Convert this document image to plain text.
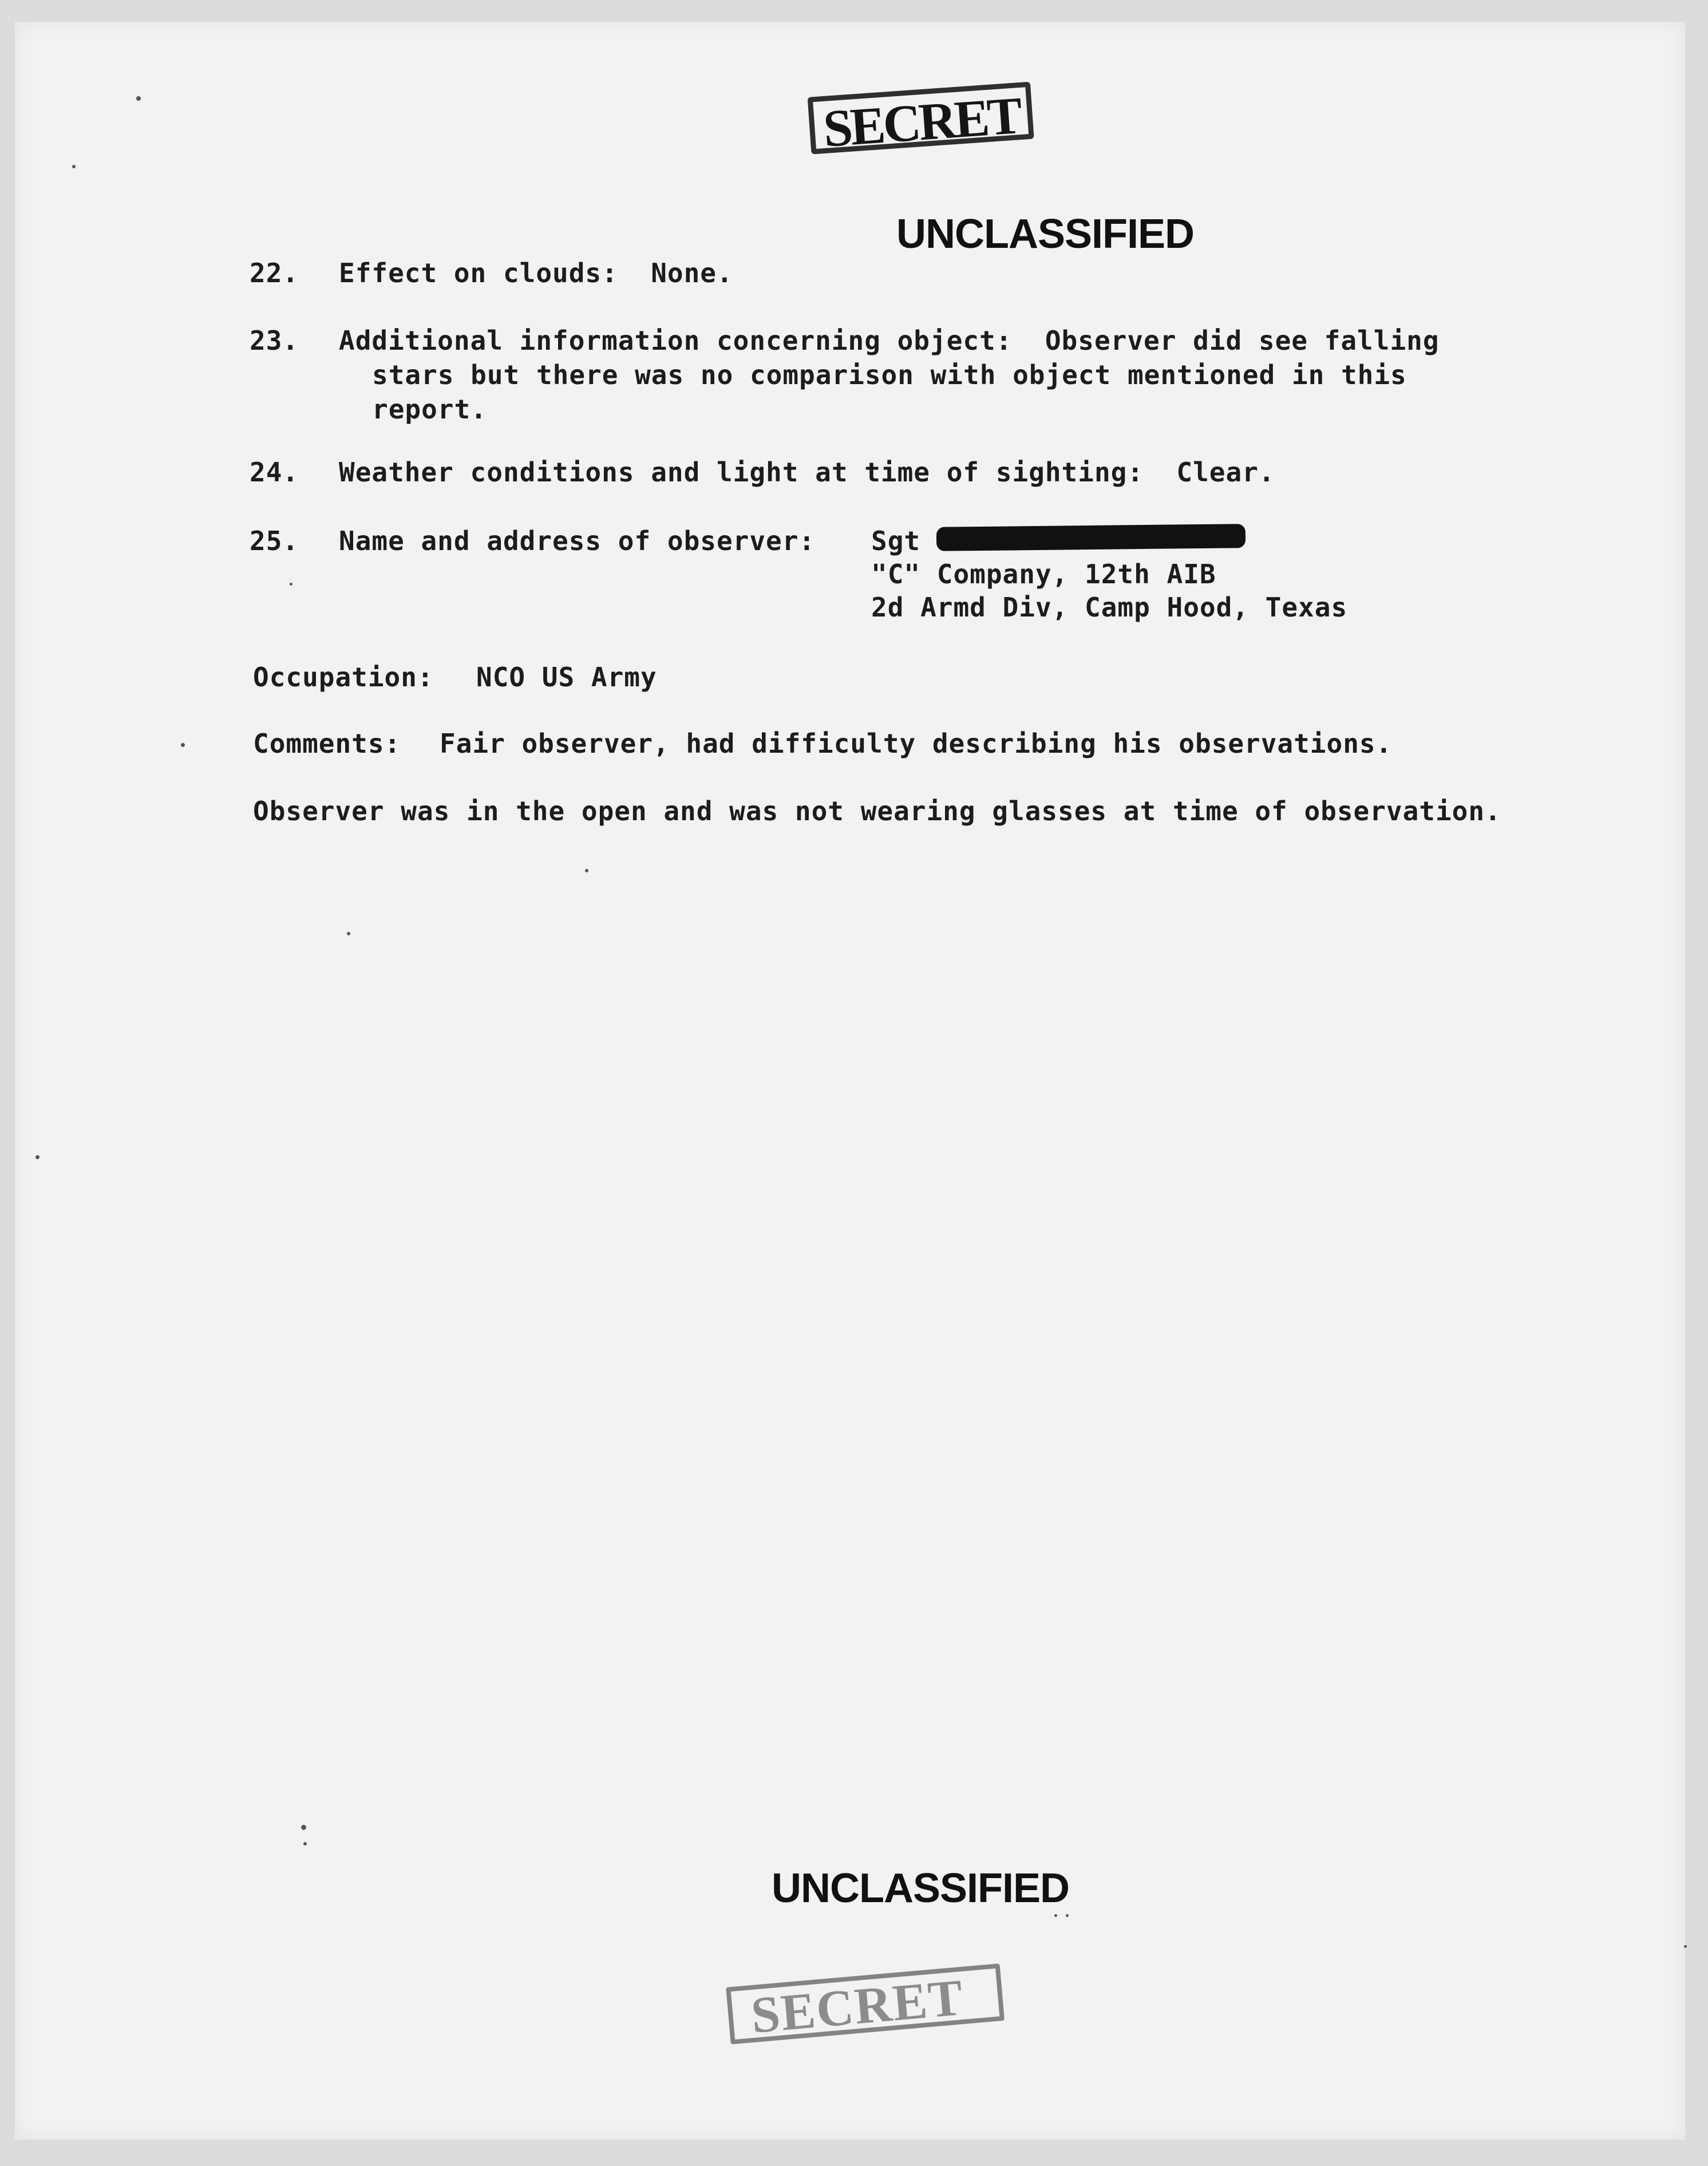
SECRET
UNCLASSIFIED
22. Effect on clouds:  None.
23. Additional information concerning object:  Observer did see falling
stars but there was no comparison with object mentioned in this
report.
24. Weather conditions and light at time of sighting:  Clear.
25. Name and address of observer: Sgt
"C" Company, 12th AIB
2d Armd Div, Camp Hood, Texas
Occupation: NCO US Army
Comments: Fair observer, had difficulty describing his observations.
Observer was in the open and was not wearing glasses at time of observation.
UNCLASSIFIED
SECRET
